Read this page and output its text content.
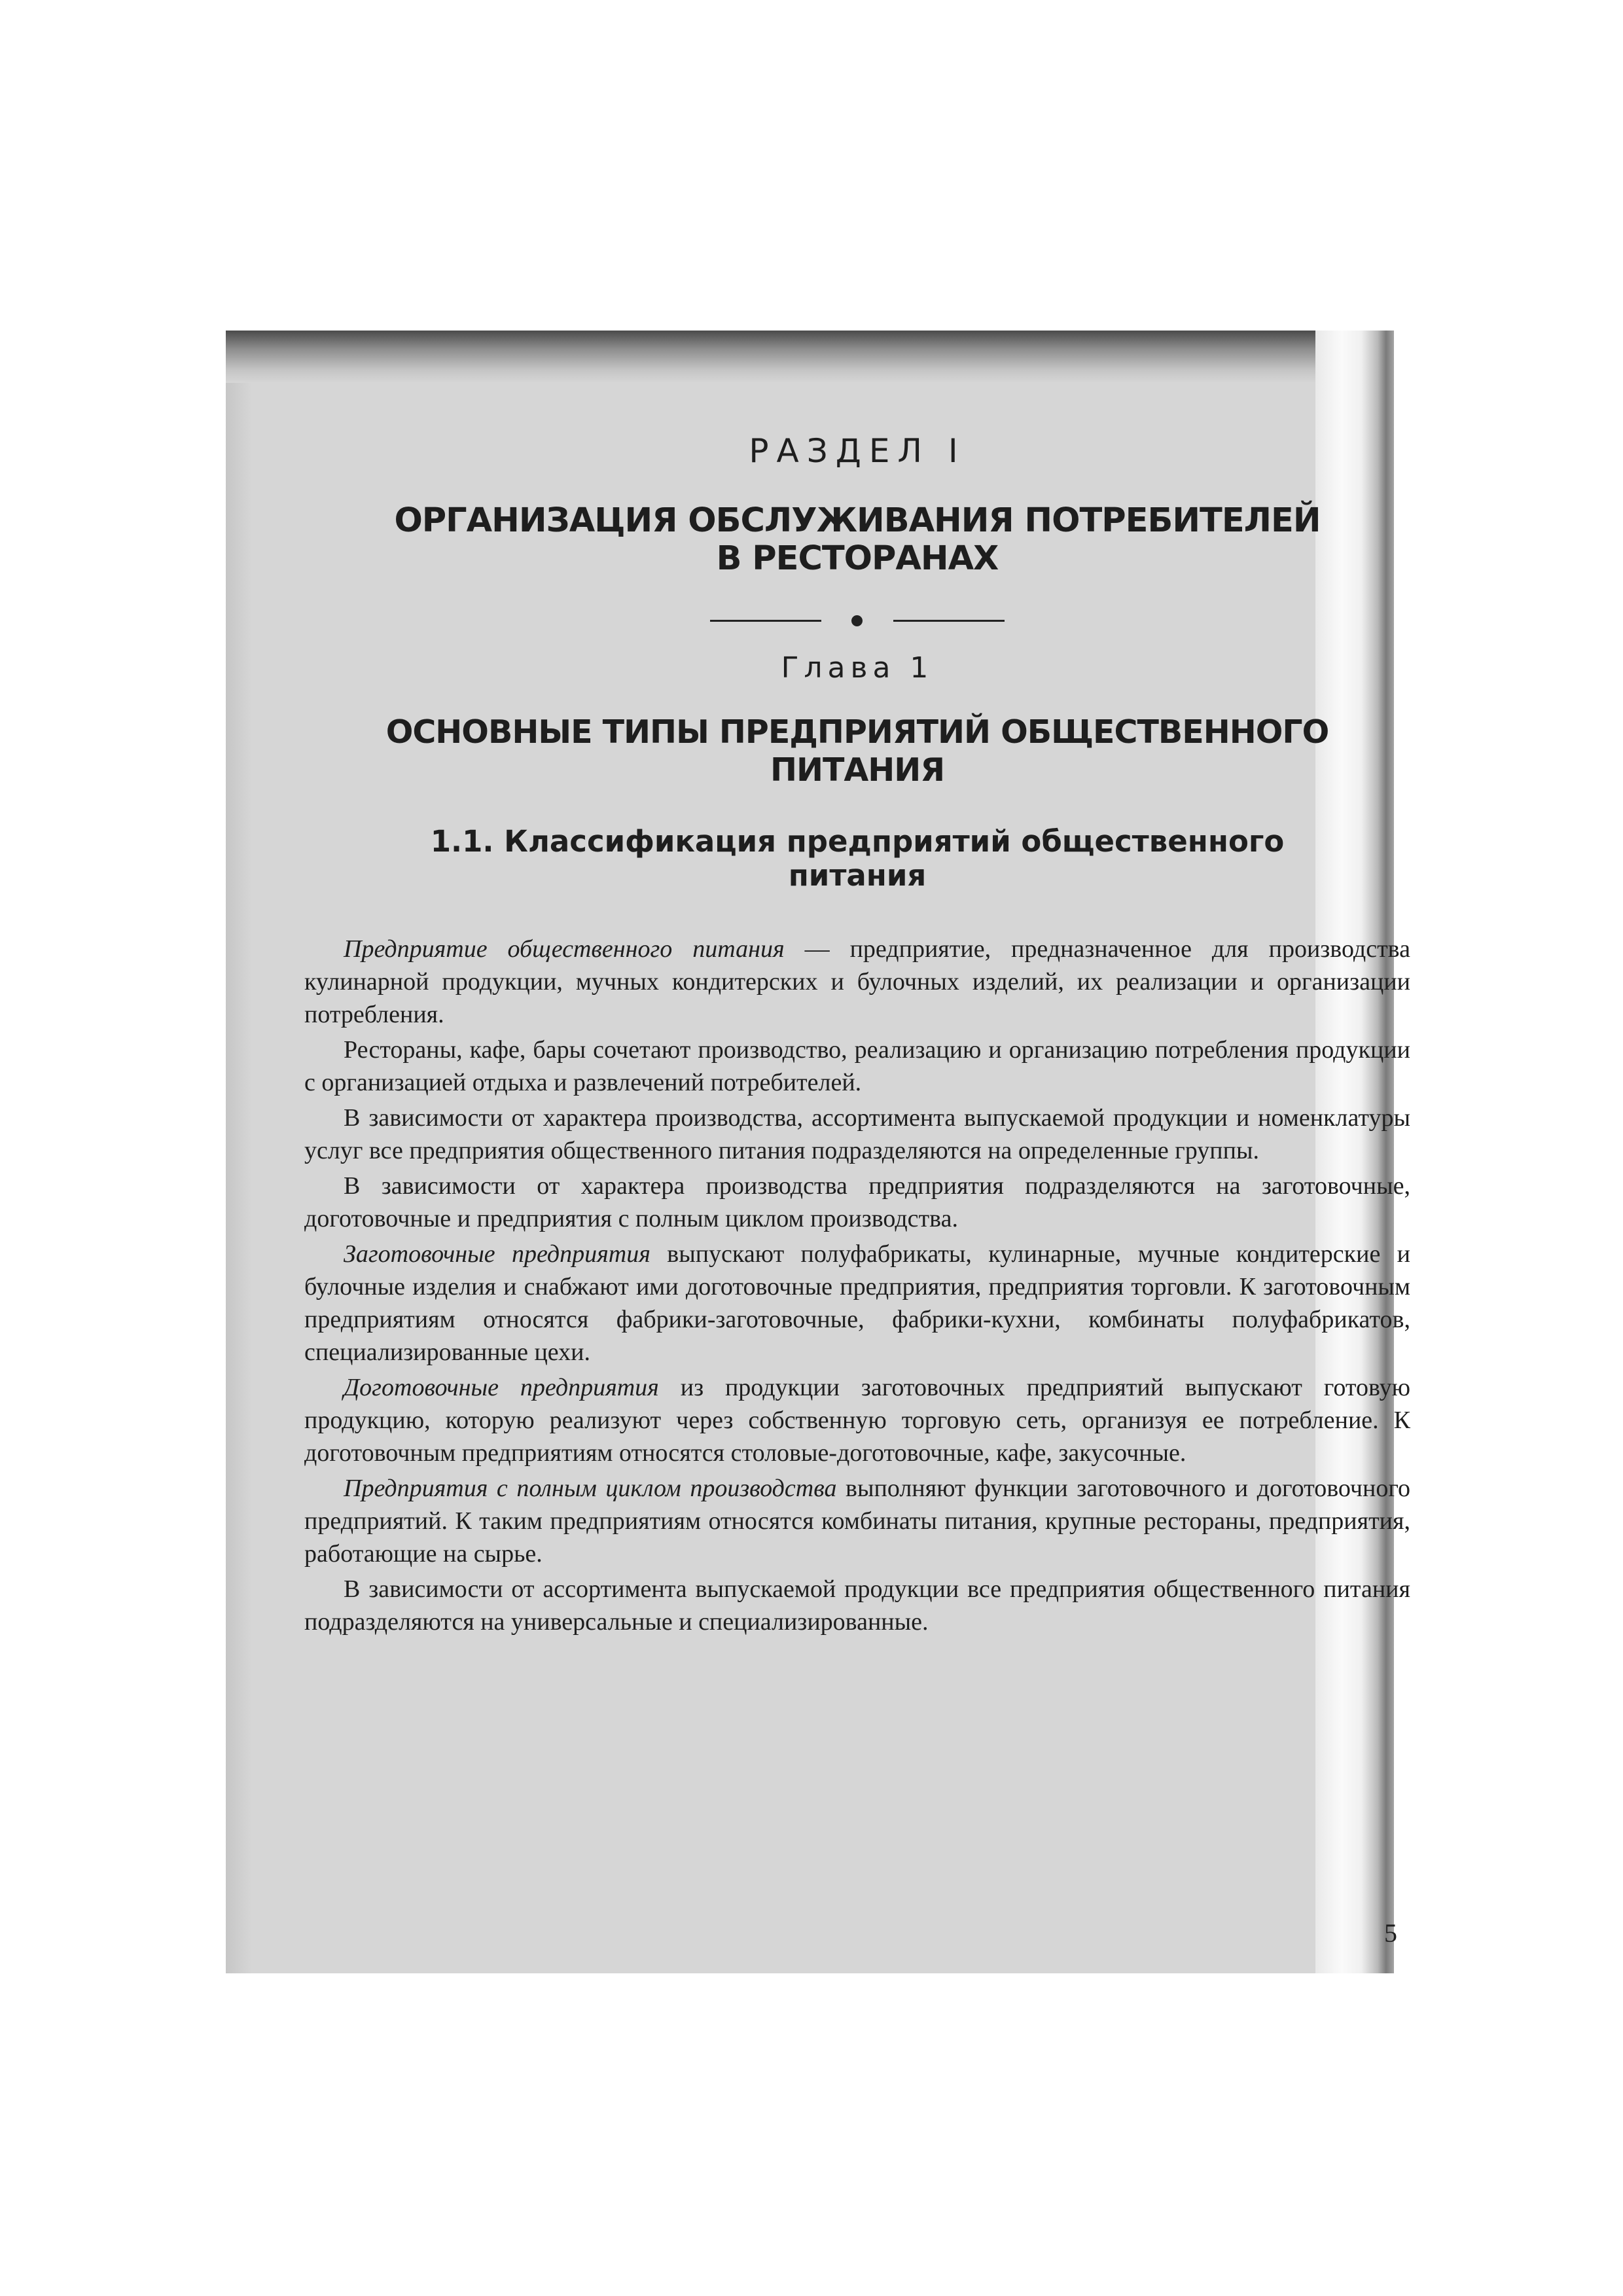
РАЗДЕЛ I
ОРГАНИЗАЦИЯ ОБСЛУЖИВАНИЯ ПОТРЕБИТЕЛЕЙ
В РЕСТОРАНАХ
Глава 1
ОСНОВНЫЕ ТИПЫ ПРЕДПРИЯТИЙ ОБЩЕСТВЕННОГО
ПИТАНИЯ
1.1. Классификация предприятий общественного
питания

Предприятие общественного питания — предприятие, предназначенное для производства кулинарной продукции, мучных кондитерских и булочных изделий, их реализации и организации потребления.

Рестораны, кафе, бары сочетают производство, реализацию и организацию потребления продукции с организацией отдыха и развлечений потребителей.

В зависимости от характера производства, ассортимента выпускаемой продукции и номенклатуры услуг все предприятия общественного питания подразделяются на определенные группы.

В зависимости от характера производства предприятия подразделяются на заготовочные, доготовочные и предприятия с полным циклом производства.

Заготовочные предприятия выпускают полуфабрикаты, кулинарные, мучные кондитерские и булочные изделия и снабжают ими доготовочные предприятия, предприятия торговли. К заготовочным предприятиям относятся фабрики-заготовочные, фабрики-кухни, комбинаты полуфабрикатов, специализированные цехи.

Доготовочные предприятия из продукции заготовочных предприятий выпускают готовую продукцию, которую реализуют через собственную торговую сеть, организуя ее потребление. К доготовочным предприятиям относятся столовые-доготовочные, кафе, закусочные.

Предприятия с полным циклом производства выполняют функции заготовочного и доготовочного предприятий. К таким предприятиям относятся комбинаты питания, крупные рестораны, предприятия, работающие на сырье.

В зависимости от ассортимента выпускаемой продукции все предприятия общественного питания подразделяются на универсальные и специализированные.

5
